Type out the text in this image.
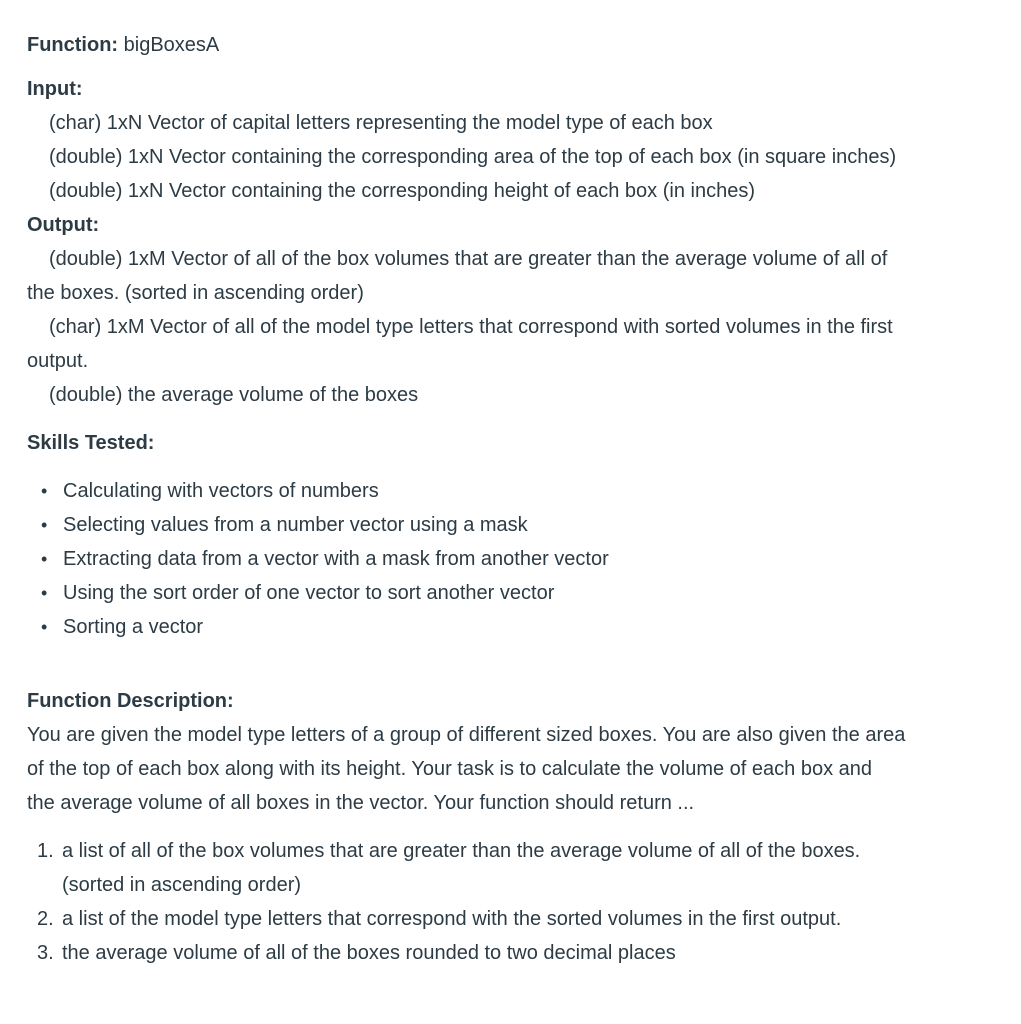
Function: bigBoxesA

Input:

(char) 1xN Vector of capital letters representing the model type of each box

(double) 1xN Vector containing the corresponding area of the top of each box (in square inches)

(double) 1xN Vector containing the corresponding height of each box (in inches)

Output:

(double) 1xM Vector of all of the box volumes that are greater than the average volume of all of

the boxes. (sorted in ascending order)

(char) 1xM Vector of all of the model type letters that correspond with sorted volumes in the first

output.

(double) the average volume of the boxes

Skills Tested:

• Calculating with vectors of numbers
• Selecting values from a number vector using a mask
• Extracting data from a vector with a mask from another vector
• Using the sort order of one vector to sort another vector
• Sorting a vector

Function Description:

You are given the model type letters of a group of different sized boxes. You are also given the area

of the top of each box along with its height. Your task is to calculate the volume of each box and

the average volume of all boxes in the vector. Your function should return ...

1. a list of all of the box volumes that are greater than the average volume of all of the boxes.
(sorted in ascending order)
2. a list of the model type letters that correspond with the sorted volumes in the first output.
3. the average volume of all of the boxes rounded to two decimal places
